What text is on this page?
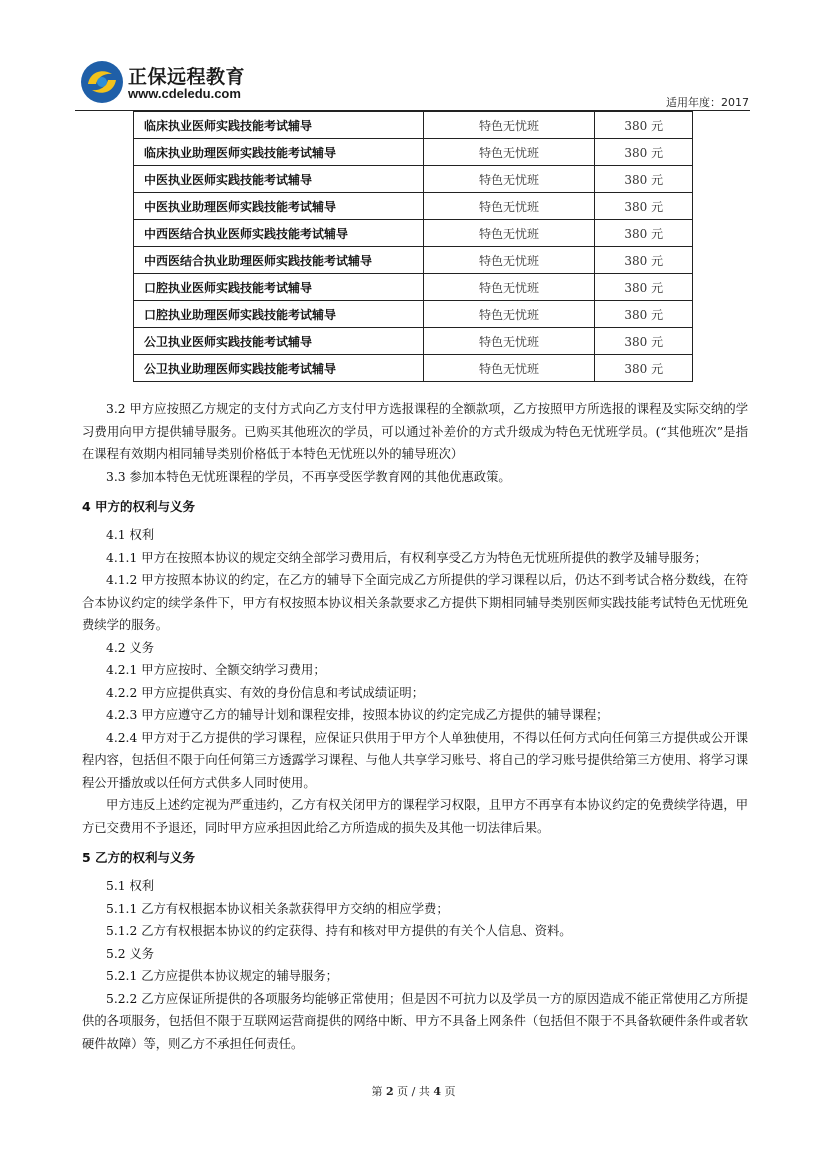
正保远程教育
www.cdeledu.com
适用年度：2017
临床执业医师实践技能考试辅导	特色无忧班	380 元
临床执业助理医师实践技能考试辅导	特色无忧班	380 元
中医执业医师实践技能考试辅导	特色无忧班	380 元
中医执业助理医师实践技能考试辅导	特色无忧班	380 元
中西医结合执业医师实践技能考试辅导	特色无忧班	380 元
中西医结合执业助理医师实践技能考试辅导	特色无忧班	380 元
口腔执业医师实践技能考试辅导	特色无忧班	380 元
口腔执业助理医师实践技能考试辅导	特色无忧班	380 元
公卫执业医师实践技能考试辅导	特色无忧班	380 元
公卫执业助理医师实践技能考试辅导	特色无忧班	380 元

3.2 甲方应按照乙方规定的支付方式向乙方支付甲方选报课程的全额款项，乙方按照甲方所选报的课程及实际交纳的学习费用向甲方提供辅导服务。已购买其他班次的学员，可以通过补差价的方式升级成为特色无忧班学员。(“其他班次”是指在课程有效期内相同辅导类别价格低于本特色无忧班以外的辅导班次）

3.3 参加本特色无忧班课程的学员，不再享受医学教育网的其他优惠政策。

4 甲方的权利与义务

4.1 权利

4.1.1 甲方在按照本协议的规定交纳全部学习费用后，有权利享受乙方为特色无忧班所提供的教学及辅导服务；

4.1.2 甲方按照本协议的约定，在乙方的辅导下全面完成乙方所提供的学习课程以后，仍达不到考试合格分数线，在符合本协议约定的续学条件下，甲方有权按照本协议相关条款要求乙方提供下期相同辅导类别医师实践技能考试特色无忧班免费续学的服务。

4.2 义务

4.2.1 甲方应按时、全额交纳学习费用；

4.2.2 甲方应提供真实、有效的身份信息和考试成绩证明；

4.2.3 甲方应遵守乙方的辅导计划和课程安排，按照本协议的约定完成乙方提供的辅导课程；

4.2.4 甲方对于乙方提供的学习课程，应保证只供用于甲方个人单独使用，不得以任何方式向任何第三方提供或公开课程内容，包括但不限于向任何第三方透露学习课程、与他人共享学习账号、将自己的学习账号提供给第三方使用、将学习课程公开播放或以任何方式供多人同时使用。

甲方违反上述约定视为严重违约，乙方有权关闭甲方的课程学习权限，且甲方不再享有本协议约定的免费续学待遇，甲方已交费用不予退还，同时甲方应承担因此给乙方所造成的损失及其他一切法律后果。

5 乙方的权利与义务

5.1 权利

5.1.1 乙方有权根据本协议相关条款获得甲方交纳的相应学费；

5.1.2 乙方有权根据本协议的约定获得、持有和核对甲方提供的有关个人信息、资料。

5.2 义务

5.2.1 乙方应提供本协议规定的辅导服务；

5.2.2 乙方应保证所提供的各项服务均能够正常使用；但是因不可抗力以及学员一方的原因造成不能正常使用乙方所提供的各项服务，包括但不限于互联网运营商提供的网络中断、甲方不具备上网条件（包括但不限于不具备软硬件条件或者软硬件故障）等，则乙方不承担任何责任。

第 2 页 / 共 4 页
